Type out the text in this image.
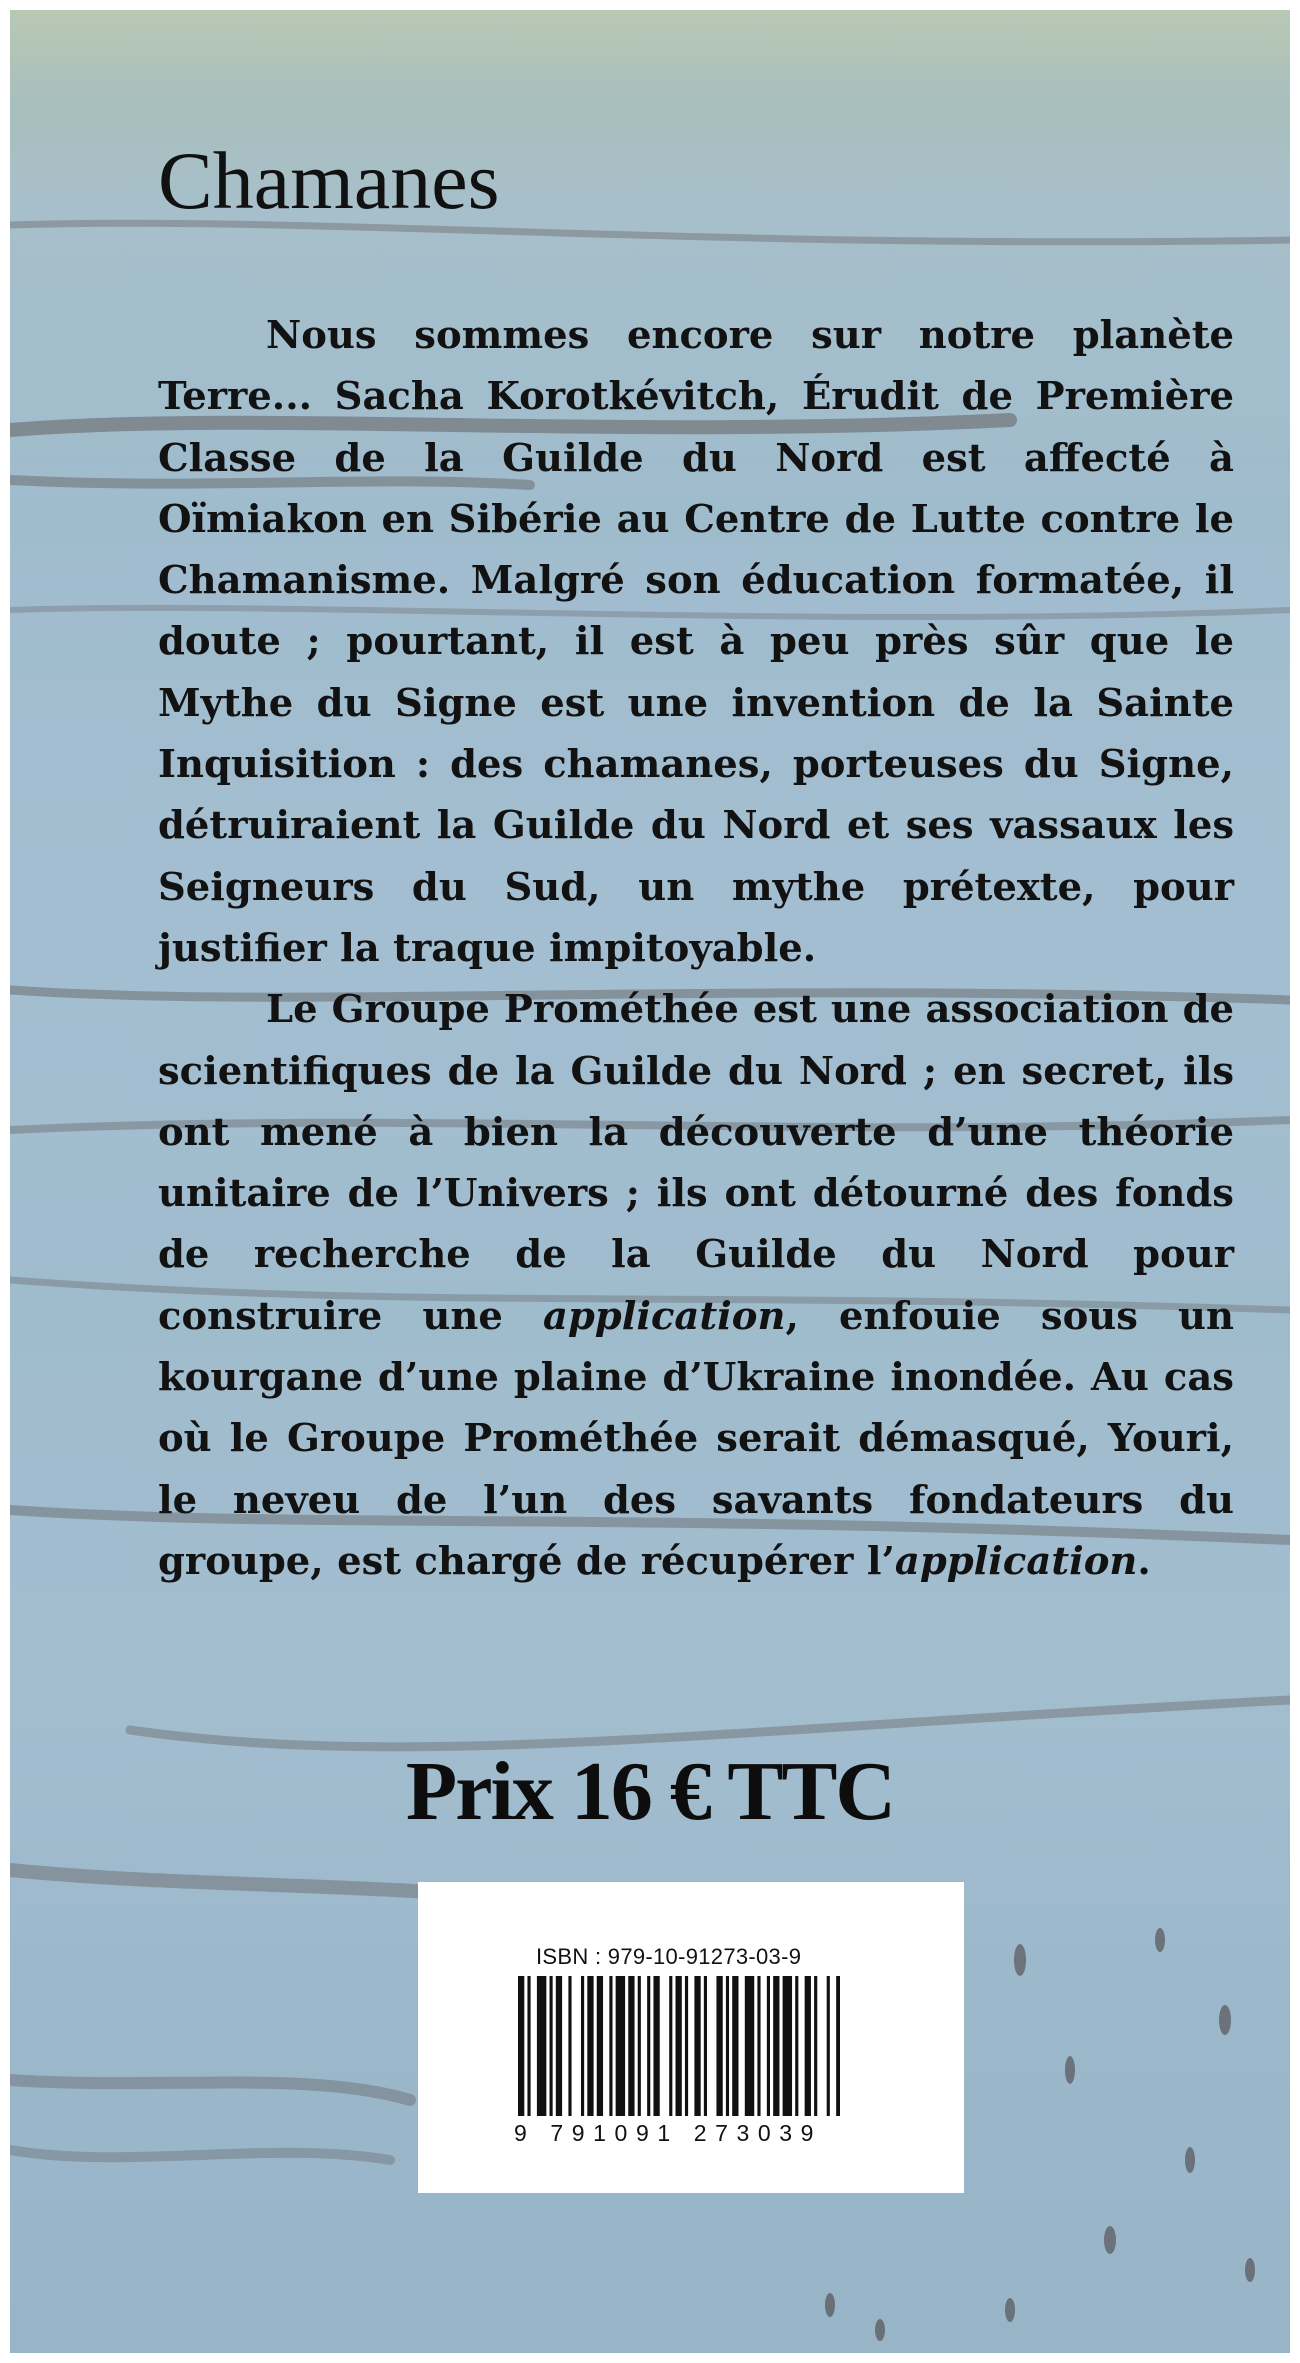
Chamanes

Nous sommes encore sur notre planète Terre... Sacha Korotkévitch, Érudit de Première Classe de la Guilde du Nord est affecté à Oïmiakon en Sibérie au Centre de Lutte contre le Chamanisme. Malgré son éducation formatée, il doute ; pourtant, il est à peu près sûr que le Mythe du Signe est une invention de la Sainte Inquisition : des chamanes, porteuses du Signe, détruiraient la Guilde du Nord et ses vassaux les Seigneurs du Sud, un mythe prétexte, pour justifier la traque impitoyable.

Le Groupe Prométhée est une association de scientifiques de la Guilde du Nord ; en secret, ils ont mené à bien la découverte d’une théorie unitaire de l’Univers ; ils ont détourné des fonds de recherche de la Guilde du Nord pour construire une application, enfouie sous un kourgane d’une plaine d’Ukraine inondée. Au cas où le Groupe Prométhée serait démasqué, Youri, le neveu de l’un des savants fondateurs du groupe, est chargé de récupérer l’application.

Prix 16 € TTC
ISBN : 979-10-91273-03-9
9 791091 273039
